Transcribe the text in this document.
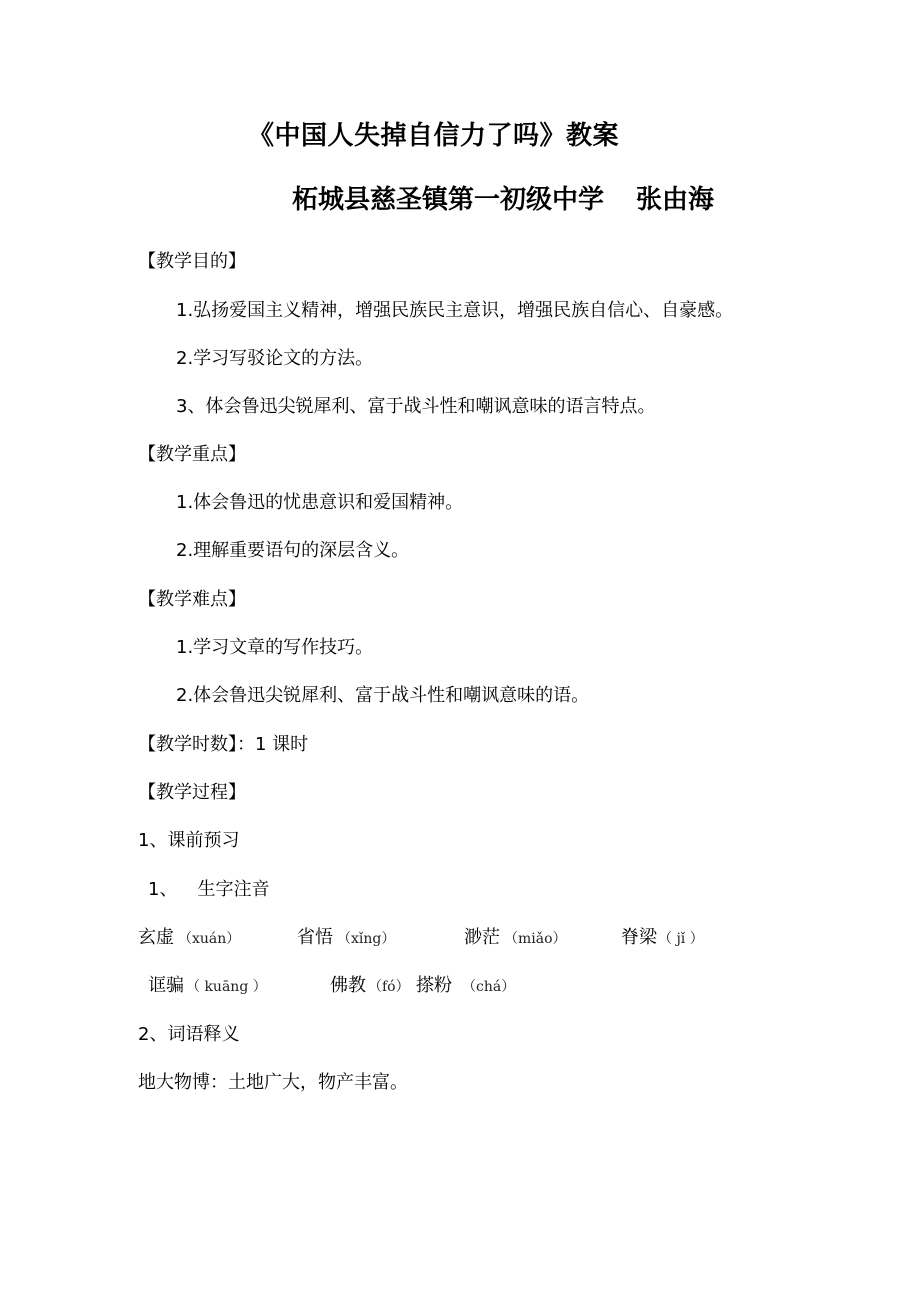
《中国人失掉自信力了吗》教案
柘城县慈圣镇第一初级中学 张由海
【教学目的】
1.弘扬爱国主义精神，增强民族民主意识，增强民族自信心、自豪感。
2.学习写驳论文的方法。
3、体会鲁迅尖锐犀利、富于战斗性和嘲讽意味的语言特点。
【教学重点】
1.体会鲁迅的忧患意识和爱国精神。
2.理解重要语句的深层含义。
【教学难点】
1.学习文章的写作技巧。
2.体会鲁迅尖锐犀利、富于战斗性和嘲讽意味的语。
【教学时数】：1 课时
【教学过程】
1、课前预习
1、 生字注音
玄虚 （xuán）	省悟 （xǐng）	渺茫 （miǎo）	脊梁 （ jǐ ）
诓骗 （ kuāng ）	佛教 （fó） 搽粉 （chá）
2、词语释义
地大物博：土地广大，物产丰富。
